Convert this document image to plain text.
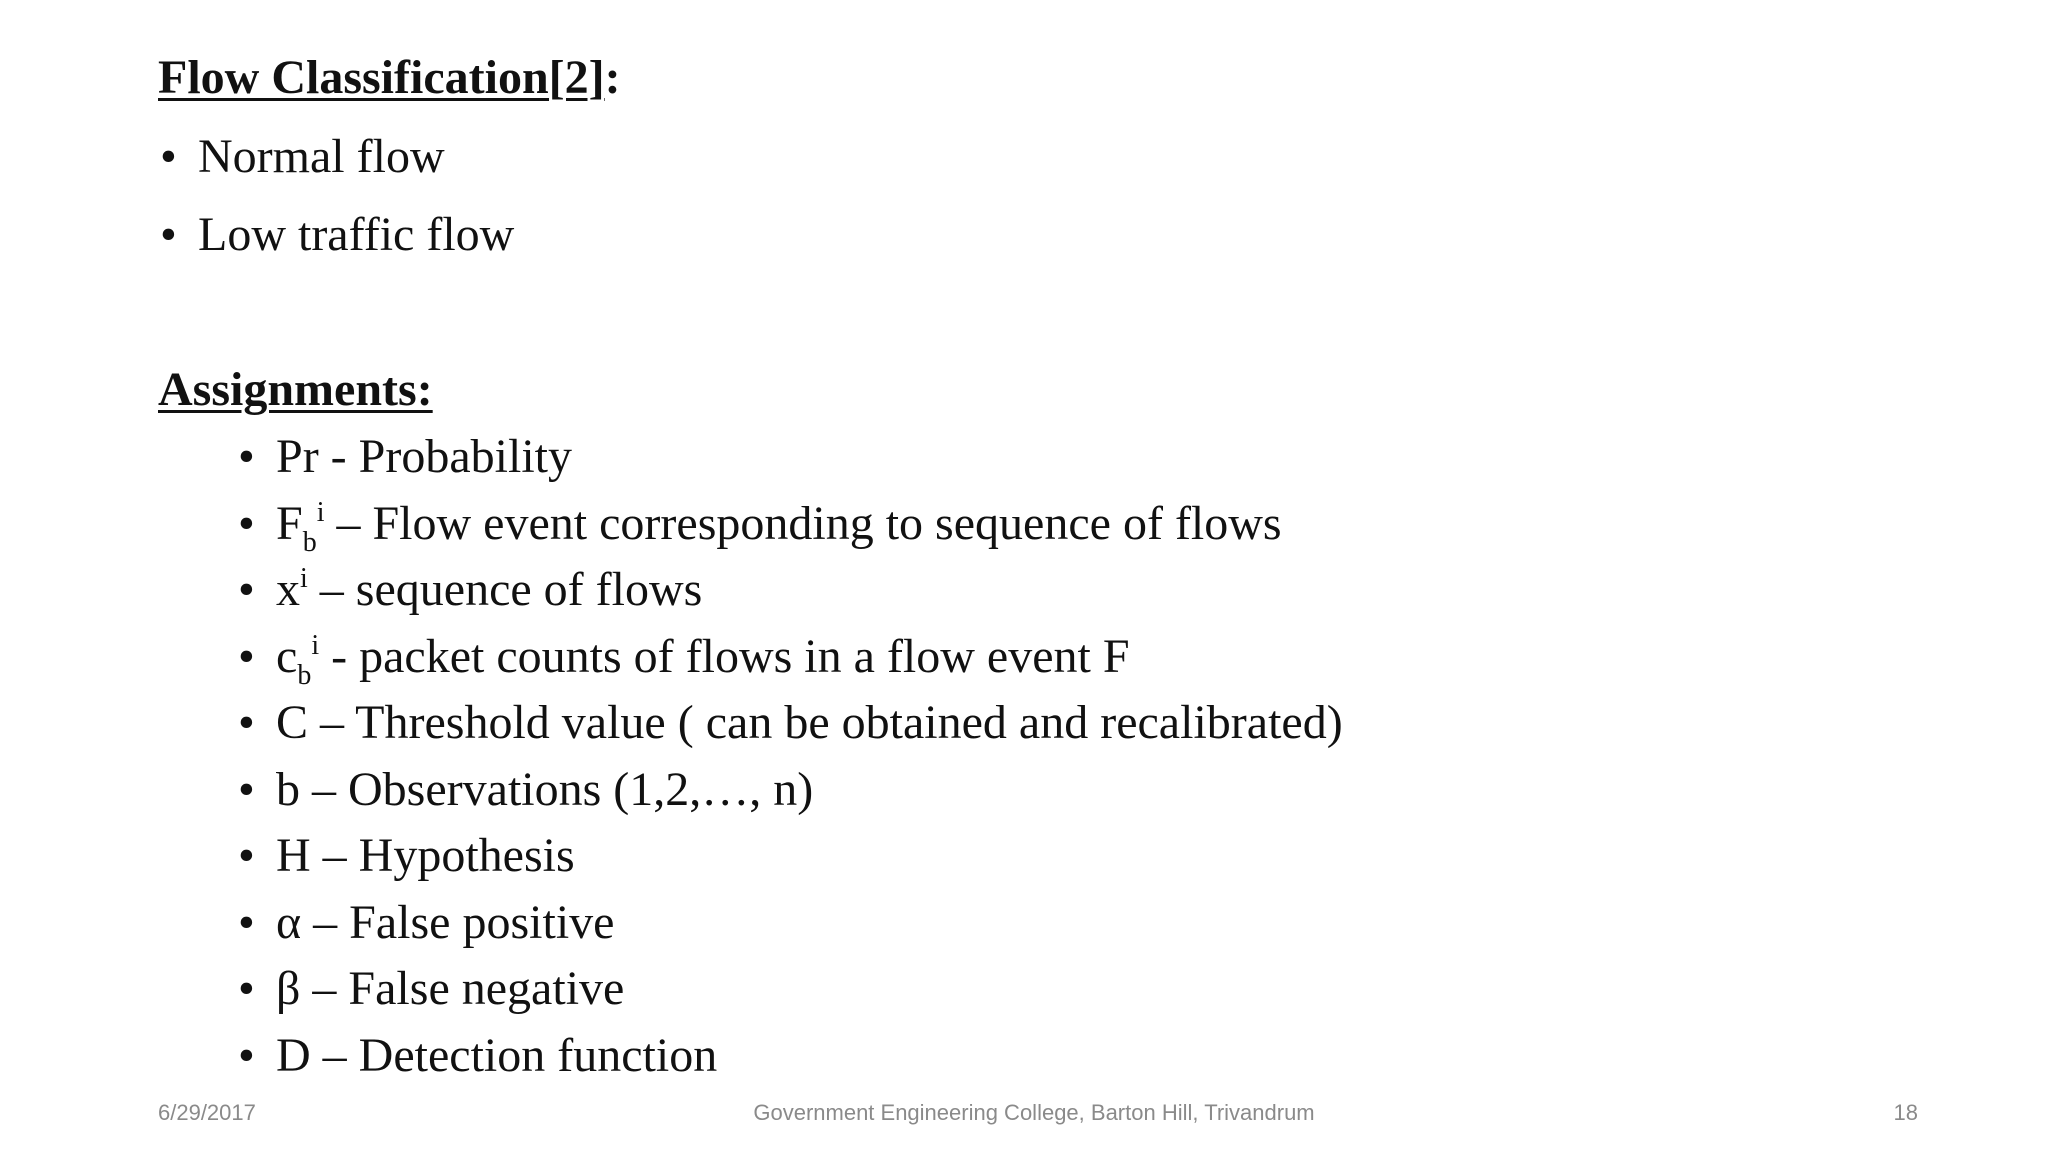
Flow Classification[2]:
• Normal flow
• Low traffic flow
Assignments:
• Pr - Probability
• $F_b^i$ – Flow event corresponding to sequence of flows
• $x^i$ – sequence of flows
• $c_b^i$ - packet counts of flows in a flow event F
• C – Threshold value ( can be obtained and recalibrated)
• b – Observations (1,2,…, n)
• H – Hypothesis
• α – False positive
• β – False negative
• D – Detection function
6/29/2017	Government Engineering College, Barton Hill, Trivandrum	18
